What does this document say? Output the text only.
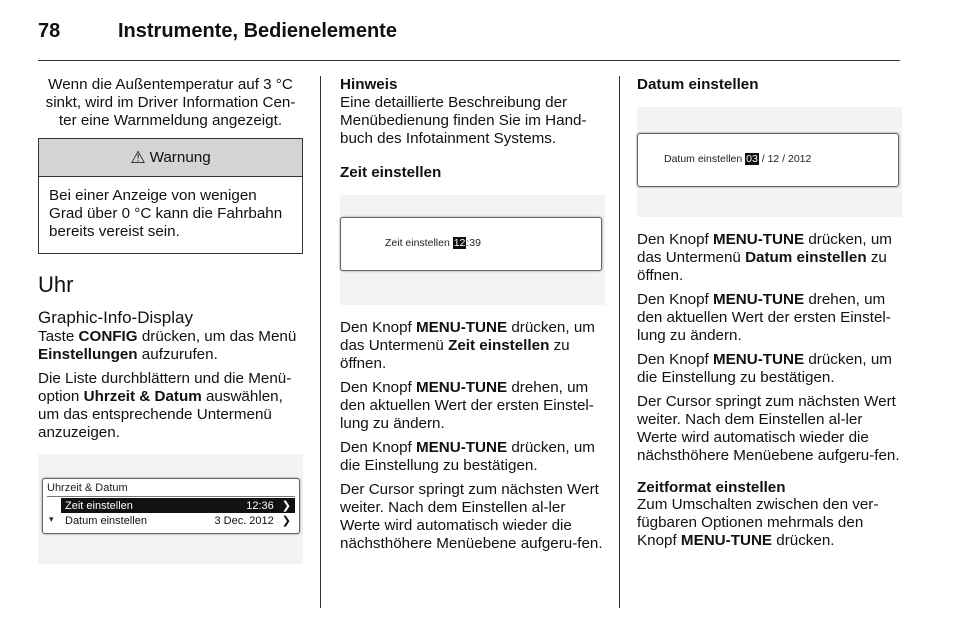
78	Instrumente, Bedienelemente

Wenn die Außentemperatur auf 3 °C sinkt, wird im Driver Information Cen-ter eine Warnmeldung angezeigt.

⚠ Warnung

Bei einer Anzeige von wenigen Grad über 0 °C kann die Fahrbahn bereits vereist sein.

Uhr
Graphic-Info-Display

Taste CONFIG drücken, um das Menü Einstellungen aufzurufen.

Die Liste durchblättern und die Menü-option Uhrzeit & Datum auswählen, um das entsprechende Untermenü anzuzeigen.

Uhrzeit & Datum
Zeit einstellen	12:36 ❯
▾ Datum einstellen	3 Dec. 2012 ❯

Hinweis
Eine detaillierte Beschreibung der Menübedienung finden Sie im Hand-buch des Infotainment Systems.

Zeit einstellen
Zeit einstellen 12:39

Den Knopf MENU-TUNE drücken, um das Untermenü Zeit einstellen zu öffnen.

Den Knopf MENU-TUNE drehen, um den aktuellen Wert der ersten Einstel-lung zu ändern.

Den Knopf MENU-TUNE drücken, um die Einstellung zu bestätigen.

Der Cursor springt zum nächsten Wert weiter. Nach dem Einstellen al-ler Werte wird automatisch wieder die nächsthöhere Menüebene aufgeru-fen.

Datum einstellen
Datum einstellen 03 / 12 / 2012

Den Knopf MENU-TUNE drücken, um das Untermenü Datum einstellen zu öffnen.

Den Knopf MENU-TUNE drehen, um den aktuellen Wert der ersten Einstel-lung zu ändern.

Den Knopf MENU-TUNE drücken, um die Einstellung zu bestätigen.

Der Cursor springt zum nächsten Wert weiter. Nach dem Einstellen al-ler Werte wird automatisch wieder die nächsthöhere Menüebene aufgeru-fen.

Zeitformat einstellen

Zum Umschalten zwischen den ver-fügbaren Optionen mehrmals den Knopf MENU-TUNE drücken.
